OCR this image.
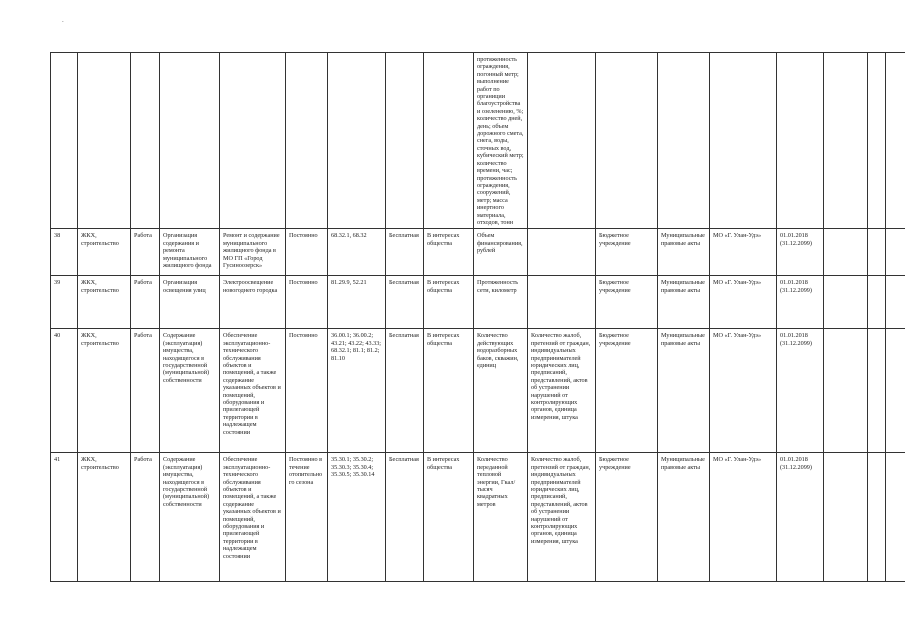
.
									протяженность ограждения, погонный метр; выполнение работ по органиции благоустройства и озеленению, %; количество дней, день; объем дорожного смета, снега, воды, сточных вод, кубический метр; количество времени, час; протяженность ограждения, сооружений, метр; масса инертного материала, отходов, тонн								
38	ЖКХ, строительство	Работа	Организация содержания и ремонта муниципального жилищного фонда	Ремонт и содержание муниципального жилищного фонда в МО ГП «Город Гусиноозерск»	Постоянно	68.32.1, 68.32	Бесплатная	В интересах общества	Объем финансирования, рублей		Бюджетное учреждение	Муниципальные правовые акты	МО «Г. Улан-Удэ»	01.01.2018 (31.12.2099)			
39	ЖКХ, строительство	Работа	Организация освещения улиц	Электроосвещение новогоднего городка	Постоянно	81.29.9, 52.21	Бесплатная	В интересах общества	Протяженность сети, километр		Бюджетное учреждение	Муниципальные правовые акты	МО «Г. Улан-Удэ»	01.01.2018 (31.12.2099)			
40	ЖКХ, строительство	Работа	Содержание (эксплуатация) имущества, находящегося в государственной (муниципальной) собственности	Обеспечение эксплуатационно-технического обслуживания объектов и помещений, а также содержание указанных объектов и помещений, оборудования и прилегающей территории в надлежащем состоянии	Постоянно	36.00.1; 36.00.2; 43.21; 43.22; 43.33; 68.32.1; 81.1; 81.2; 81.10	Бесплатная	В интересах общества	Количество действующих водоразборных баков, скважин, единиц	Количество жалоб, претензий от граждан, индивидуальных предпринимателей юридических лиц, предписаний, представлений, актов об устранении нарушений от контролирующих органов, единица измерения, штука	Бюджетное учреждение	Муниципальные правовые акты	МО «Г. Улан-Удэ»	01.01.2018 (31.12.2099)			
41	ЖКХ, строительство	Работа	Содержание (эксплуатация) имущества, находящегося в государственной (муниципальной) собственности	Обеспечение эксплуатационно-технического обслуживания объектов и помещений, а также содержание указанных объектов и помещений, оборудования и прилегающей территории в надлежащем состоянии	Постоянно в течение отопительного сезона	35.30.1; 35.30.2; 35.30.3; 35.30.4; 35.30.5; 35.30.14	Бесплатная	В интересах общества	Количество переданной тепловой энергии, Гкал/тысяч квадратных метров	Количество жалоб, претензий от граждан, индивидуальных предпринимателей юридических лиц, предписаний, представлений, актов об устранении нарушений от контролирующих органов, единица измерения, штука	Бюджетное учреждение	Муниципальные правовые акты	МО «Г. Улан-Удэ»	01.01.2018 (31.12.2099)			
